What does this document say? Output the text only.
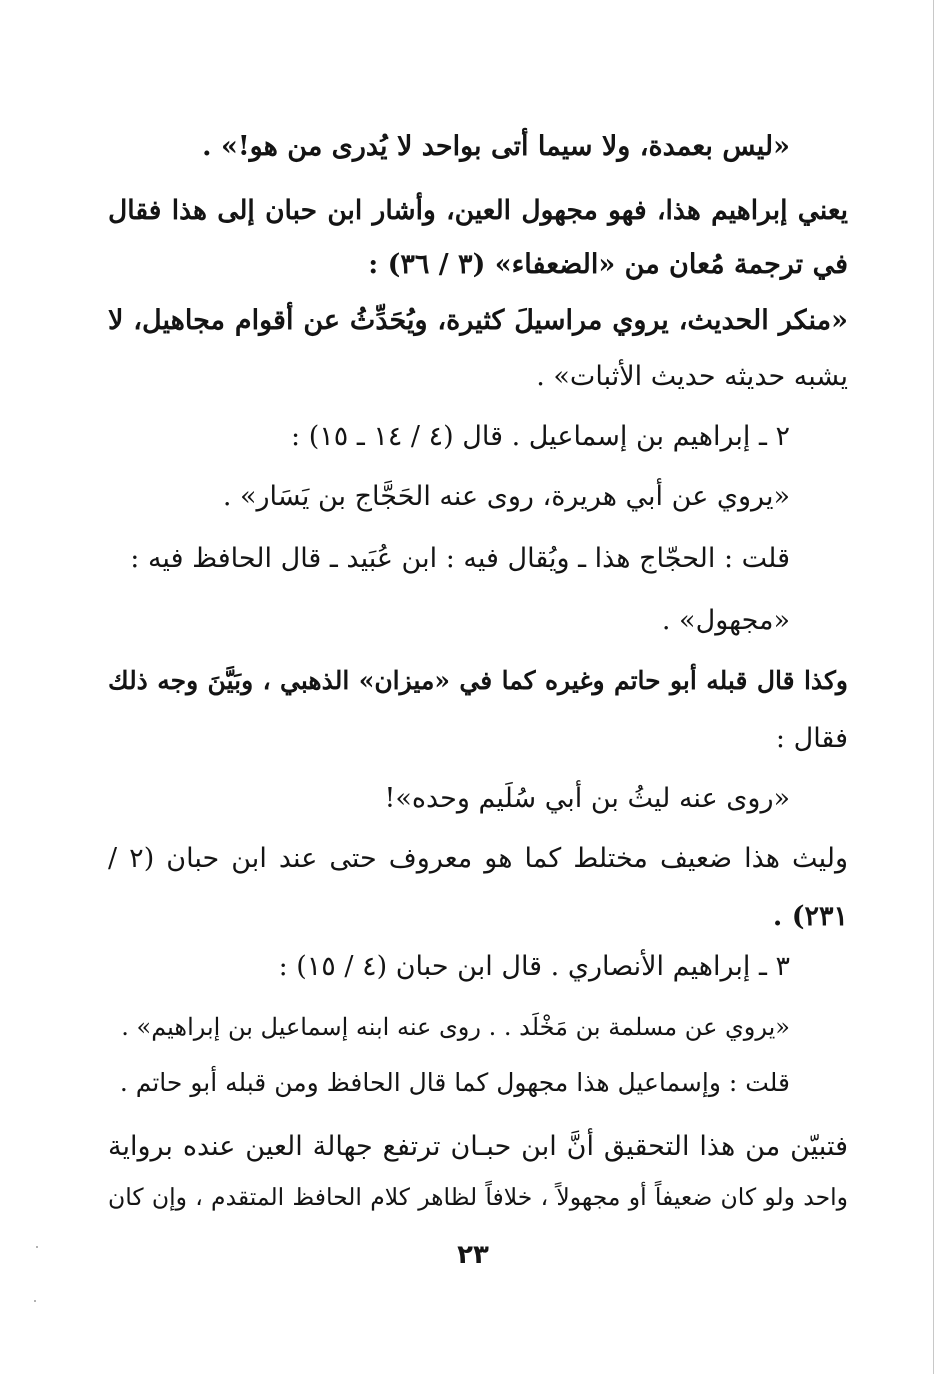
«ليس بعمدة، ولا سيما أتى بواحد لا يُدرى من هو!» .
يعني إبراهيم هذا، فهو مجهول العين، وأشار ابن حبان إلى هذا فقال
في ترجمة مُعان من «الضعفاء» (٣ / ٣٦) :
«منكر الحديث، يروي مراسيلَ كثيرة، ويُحَدِّثُ عن أقوام مجاهيل، لا
يشبه حديثه حديث الأثبات» .
٢ ـ إبراهيم بن إسماعيل . قال (٤ / ١٤ ـ ١٥) :
«يروي عن أبي هريرة، روى عنه الحَجَّاج بن يَسَار» .
قلت : الحجّاج هذا ـ ويُقال فيه : ابن عُبَيد ـ قال الحافظ فيه :
«مجهول» .
وكذا قال قبله أبو حاتم وغيره كما في «ميزان» الذهبي ، وبَيَّنَ وجه ذلك
فقال :
«روى عنه ليثُ بن أبي سُلَيم وحده»!
وليث هذا ضعيف مختلط كما هو معروف حتى عند ابن حبان (٢ /
٢٣١) .
٣ ـ إبراهيم الأنصاري . قال ابن حبان (٤ / ١٥) :
«يروي عن مسلمة بن مَخْلَد . . روى عنه ابنه إسماعيل بن إبراهيم» .
قلت : وإسماعيل هذا مجهول كما قال الحافظ ومن قبله أبو حاتم .
فتبيّن من هذا التحقيق أنَّ ابن حبـان ترتفع جهالة العين عنده برواية
واحد ولو كان ضعيفاً أو مجهولاً ، خلافاً لظاهر كلام الحافظ المتقدم ، وإن كان
٢٣
